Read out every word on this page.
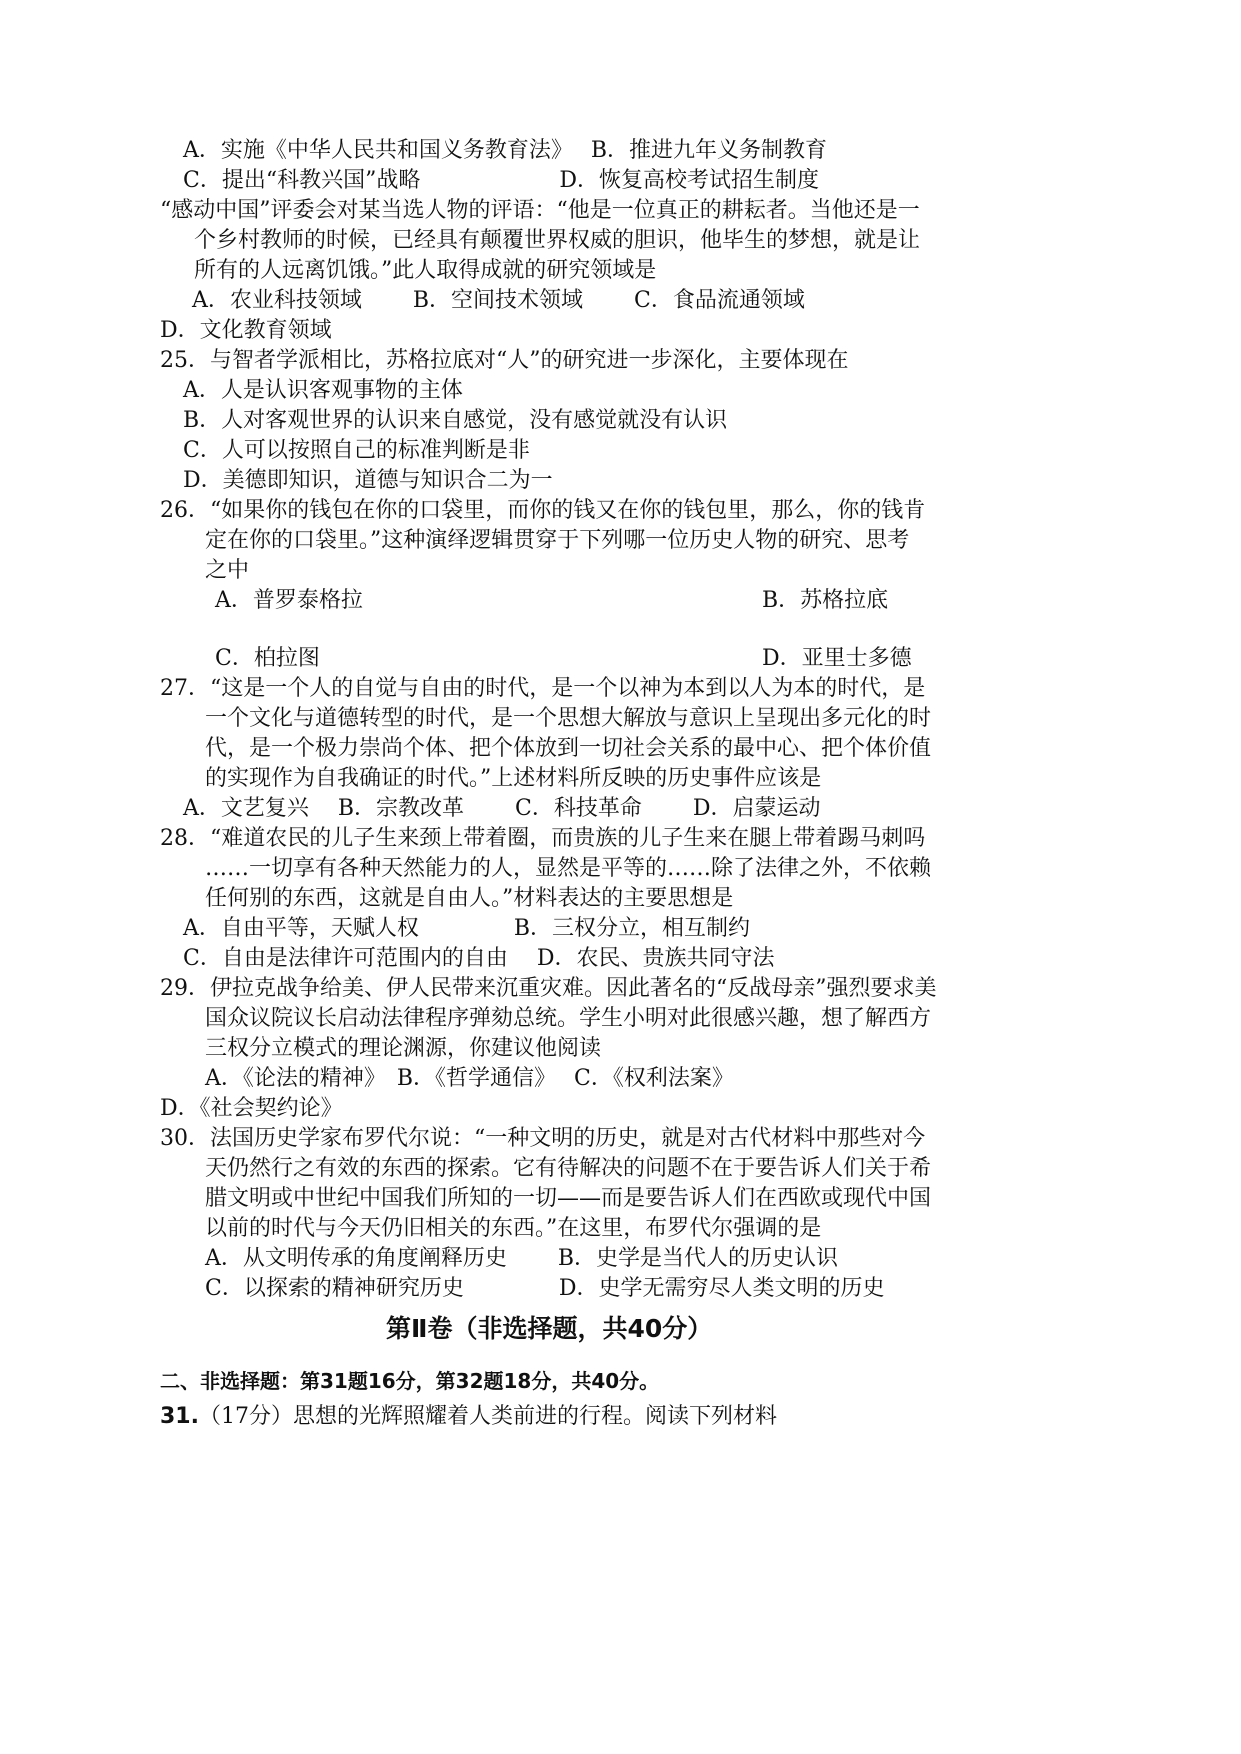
A．实施《中华人民共和国义务教育法》　 B．推进九年义务制教育
C．提出“科教兴国”战略　　　　　　 D．恢复高校考试招生制度
“感动中国”评委会对某当选人物的评语：“他是一位真正的耕耘者。当他还是一
个乡村教师的时候，已经具有颠覆世界权威的胆识，他毕生的梦想，就是让
所有的人远离饥饿。”此人取得成就的研究领域是
A．农业科技领域　　 B．空间技术领域　　 C．食品流通领域
D．文化教育领域
25．与智者学派相比，苏格拉底对“人”的研究进一步深化，主要体现在
A．人是认识客观事物的主体
B．人对客观世界的认识来自感觉，没有感觉就没有认识
C．人可以按照自己的标准判断是非
D．美德即知识，道德与知识合二为一
26．“如果你的钱包在你的口袋里，而你的钱又在你的钱包里，那么，你的钱肯
定在你的口袋里。”这种演绎逻辑贯穿于下列哪一位历史人物的研究、思考
之中
A．普罗泰格拉	B．苏格拉底
C．柏拉图	D．亚里士多德
27．“这是一个人的自觉与自由的时代，是一个以神为本到以人为本的时代，是
一个文化与道德转型的时代，是一个思想大解放与意识上呈现出多元化的时
代，是一个极力崇尚个体、把个体放到一切社会关系的最中心、把个体价值
的实现作为自我确证的时代。”上述材料所反映的历史事件应该是
A．文艺复兴　 B．宗教改革　　 C．科技革命　　 D．启蒙运动
28．“难道农民的儿子生来颈上带着圈，而贵族的儿子生来在腿上带着踢马刺吗
……一切享有各种天然能力的人，显然是平等的……除了法律之外，不依赖
任何别的东西，这就是自由人。”材料表达的主要思想是
A．自由平等，天赋人权　　　　 B．三权分立，相互制约
C．自由是法律许可范围内的自由　 D．农民、贵族共同守法
29．伊拉克战争给美、伊人民带来沉重灾难。因此著名的“反战母亲”强烈要求美
国众议院议长启动法律程序弹劾总统。学生小明对此很感兴趣，想了解西方
三权分立模式的理论渊源，你建议他阅读
A．《论法的精神》　B．《哲学通信》　 C．《权利法案》
D．《社会契约论》
30．法国历史学家布罗代尔说：“一种文明的历史，就是对古代材料中那些对今
天仍然行之有效的东西的探索。它有待解决的问题不在于要告诉人们关于希
腊文明或中世纪中国我们所知的一切——而是要告诉人们在西欧或现代中国
以前的时代与今天仍旧相关的东西。”在这里，布罗代尔强调的是
A．从文明传承的角度阐释历史　　 B．史学是当代人的历史认识
C．以探索的精神研究历史　　　　 D．史学无需穷尽人类文明的历史
第Ⅱ卷（非选择题，共40分）
二、非选择题：第31题16分，第32题18分，共40分。
31.（17分）思想的光辉照耀着人类前进的行程。阅读下列材料
